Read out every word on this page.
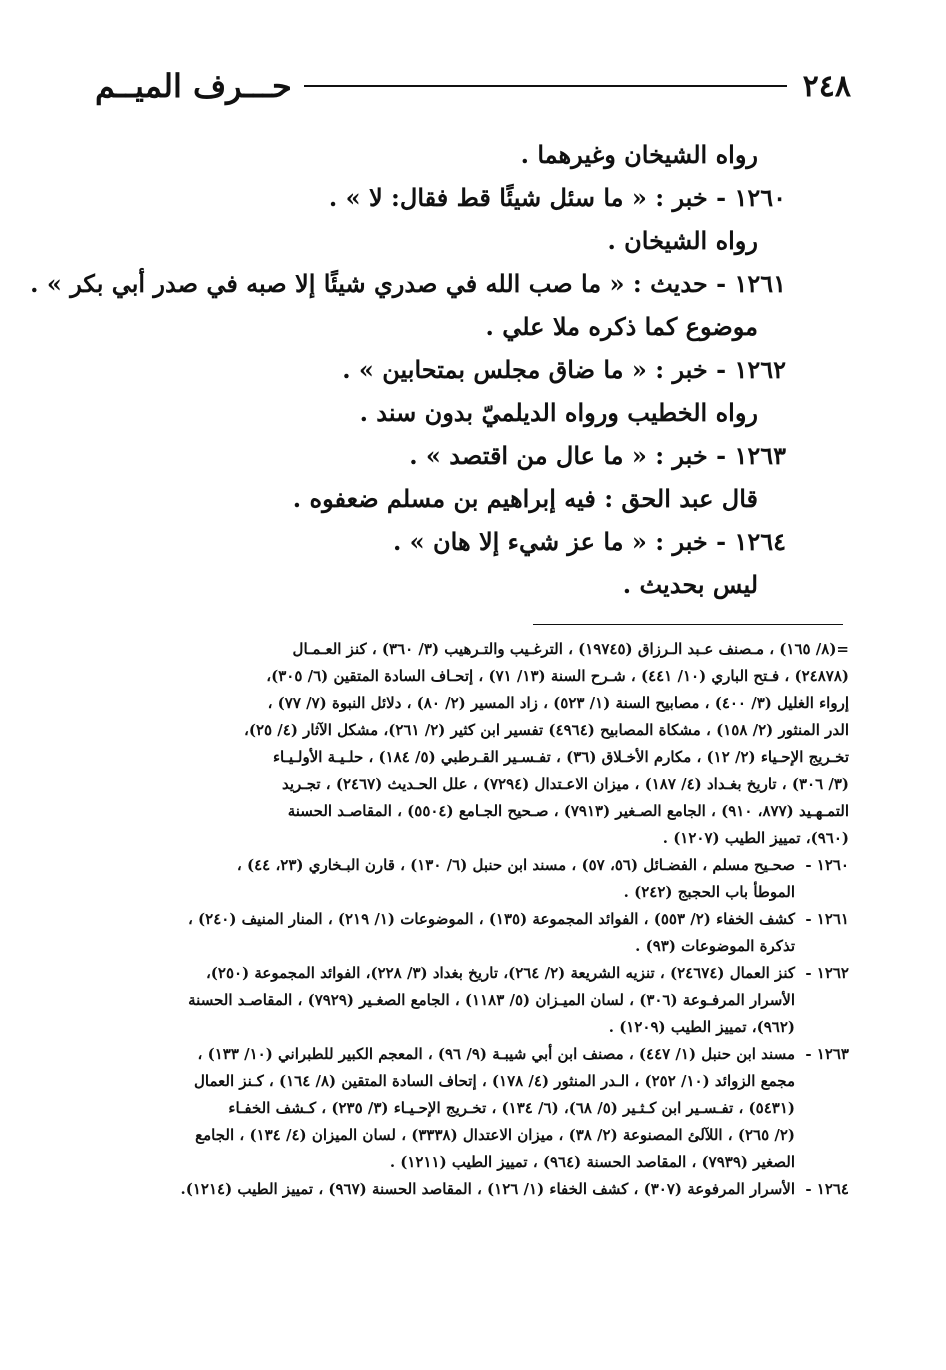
٢٤٨
حـــرف الميــم
رواه الشيخان وغيرهما .
١٢٦٠ - خبر : « ما سئل شيئًا قط فقال: لا » .
رواه الشيخان .
١٢٦١ - حديث : « ما صب الله في صدري شيئًا إلا صبه في صدر أبي بكر » .
موضوع كما ذكره ملا علي .
١٢٦٢ - خبر : « ما ضاق مجلس بمتحابين » .
رواه الخطيب ورواه الديلميّ بدون سند .
١٢٦٣ - خبر : « ما عال من اقتصد » .
قال عبد الحق : فيه إبراهيم بن مسلم ضعفوه .
١٢٦٤ - خبر : « ما عز شيء إلا هان » .
ليس بحديث .
=(٨/ ١٦٥) ، مـصنف عـبد الـرزاق (١٩٧٤٥) ، الترغـيب والتـرهيب (٣/ ٣٦٠) ، كنز العـمـال
(٢٤٨٧٨) ، فـتح الباري (١٠/ ٤٤١) ، شـرح السنة (١٣/ ٧١) ، إتحـاف السادة المتقين (٦/ ٣٠٥)،
إرواء الغليل (٣/ ٤٠٠) ، مصابيح السنة (١/ ٥٢٣) ، زاد المسير (٢/ ٨٠) ، دلائل النبوة (٧/ ٧٧) ،
الدر المنثور (٢/ ١٥٨) ، مشكاة المصابيح (٤٩٦٤) تفسير ابن كثير (٢/ ٢٦١)، مشكل الآثار (٤/ ٢٥)،
تخـريج الإحـياء (٢/ ١٢) ، مكارم الأخـلاق (٣٦) ، تفـسـير القـرطبي (٥/ ١٨٤) ، حلـيـة الأولـيـاء
(٣/ ٣٠٦) ، تاريخ بغـداد (٤/ ١٨٧) ، ميزان الاعـتدال (٧٢٩٤) ، علل الحـديث (٢٤٦٧) ، تجـريد
التمـهـيد (٨٧٧، ٩١٠) ، الجامع الصـغير (٧٩١٣) ، صـحيح الجـامع (٥٥٠٤) ، المقاصـد الحسنة
(٩٦٠)، تمييز الطيب (١٢٠٧) .
١٢٦٠ -صحـيح مسلم ، الفضـائل (٥٦، ٥٧) ، مسند ابن حنبل (٦/ ١٣٠) ، قارن البـخاري (٢٣، ٤٤) ،
الموطأ باب الحجبج (٢٤٢) .
١٢٦١ -كشف الخفاء (٢/ ٥٥٣) ، الفوائد المجموعة (١٣٥) ، الموضوعات (١/ ٢١٩) ، المنار المنيف (٢٤٠) ،
تذكرة الموضوعات (٩٣) .
١٢٦٢ -كنز العمال (٢٤٦٧٤) ، تنزيه الشريعة (٢/ ٢٦٤)، تاريخ بغداد (٣/ ٢٢٨)، الفوائد المجموعة (٢٥٠)،
الأسرار المرفـوعة (٣٠٦) ، لسان الميـزان (٥/ ١١٨٣) ، الجامع الصغـير (٧٩٢٩) ، المقاصـد الحسنة
(٩٦٢)، تمييز الطيب (١٢٠٩) .
١٢٦٣ -مسند ابن حنبل (١/ ٤٤٧) ، مصنف ابن أبي شيبـة (٩/ ٩٦) ، المعجم الكبير للطبراني (١٠/ ١٣٣) ،
مجمع الزوائد (١٠/ ٢٥٢) ، الـدر المنثور (٤/ ١٧٨) ، إتحاف السادة المتقين (٨/ ١٦٤) ، كـنز العمال
(٥٤٣١) ، تفـسـير ابن كـثـير (٥/ ٦٨)، (٦/ ١٣٤) ، تخـريج الإحـيـاء (٣/ ٢٣٥) ، كـشف الخفـاء
(٢/ ٢٦٥) ، اللآلئ المصنوعة (٢/ ٣٨) ، ميزان الاعتدال (٣٣٣٨) ، لسان الميزان (٤/ ١٣٤) ، الجامع
الصغير (٧٩٣٩) ، المقاصد الحسنة (٩٦٤) ، تمييز الطيب (١٢١١) .
١٢٦٤ -الأسرار المرفوعة (٣٠٧) ، كشف الخفاء (١/ ١٢٦) ، المقاصد الحسنة (٩٦٧) ، تمييز الطيب (١٢١٤).
